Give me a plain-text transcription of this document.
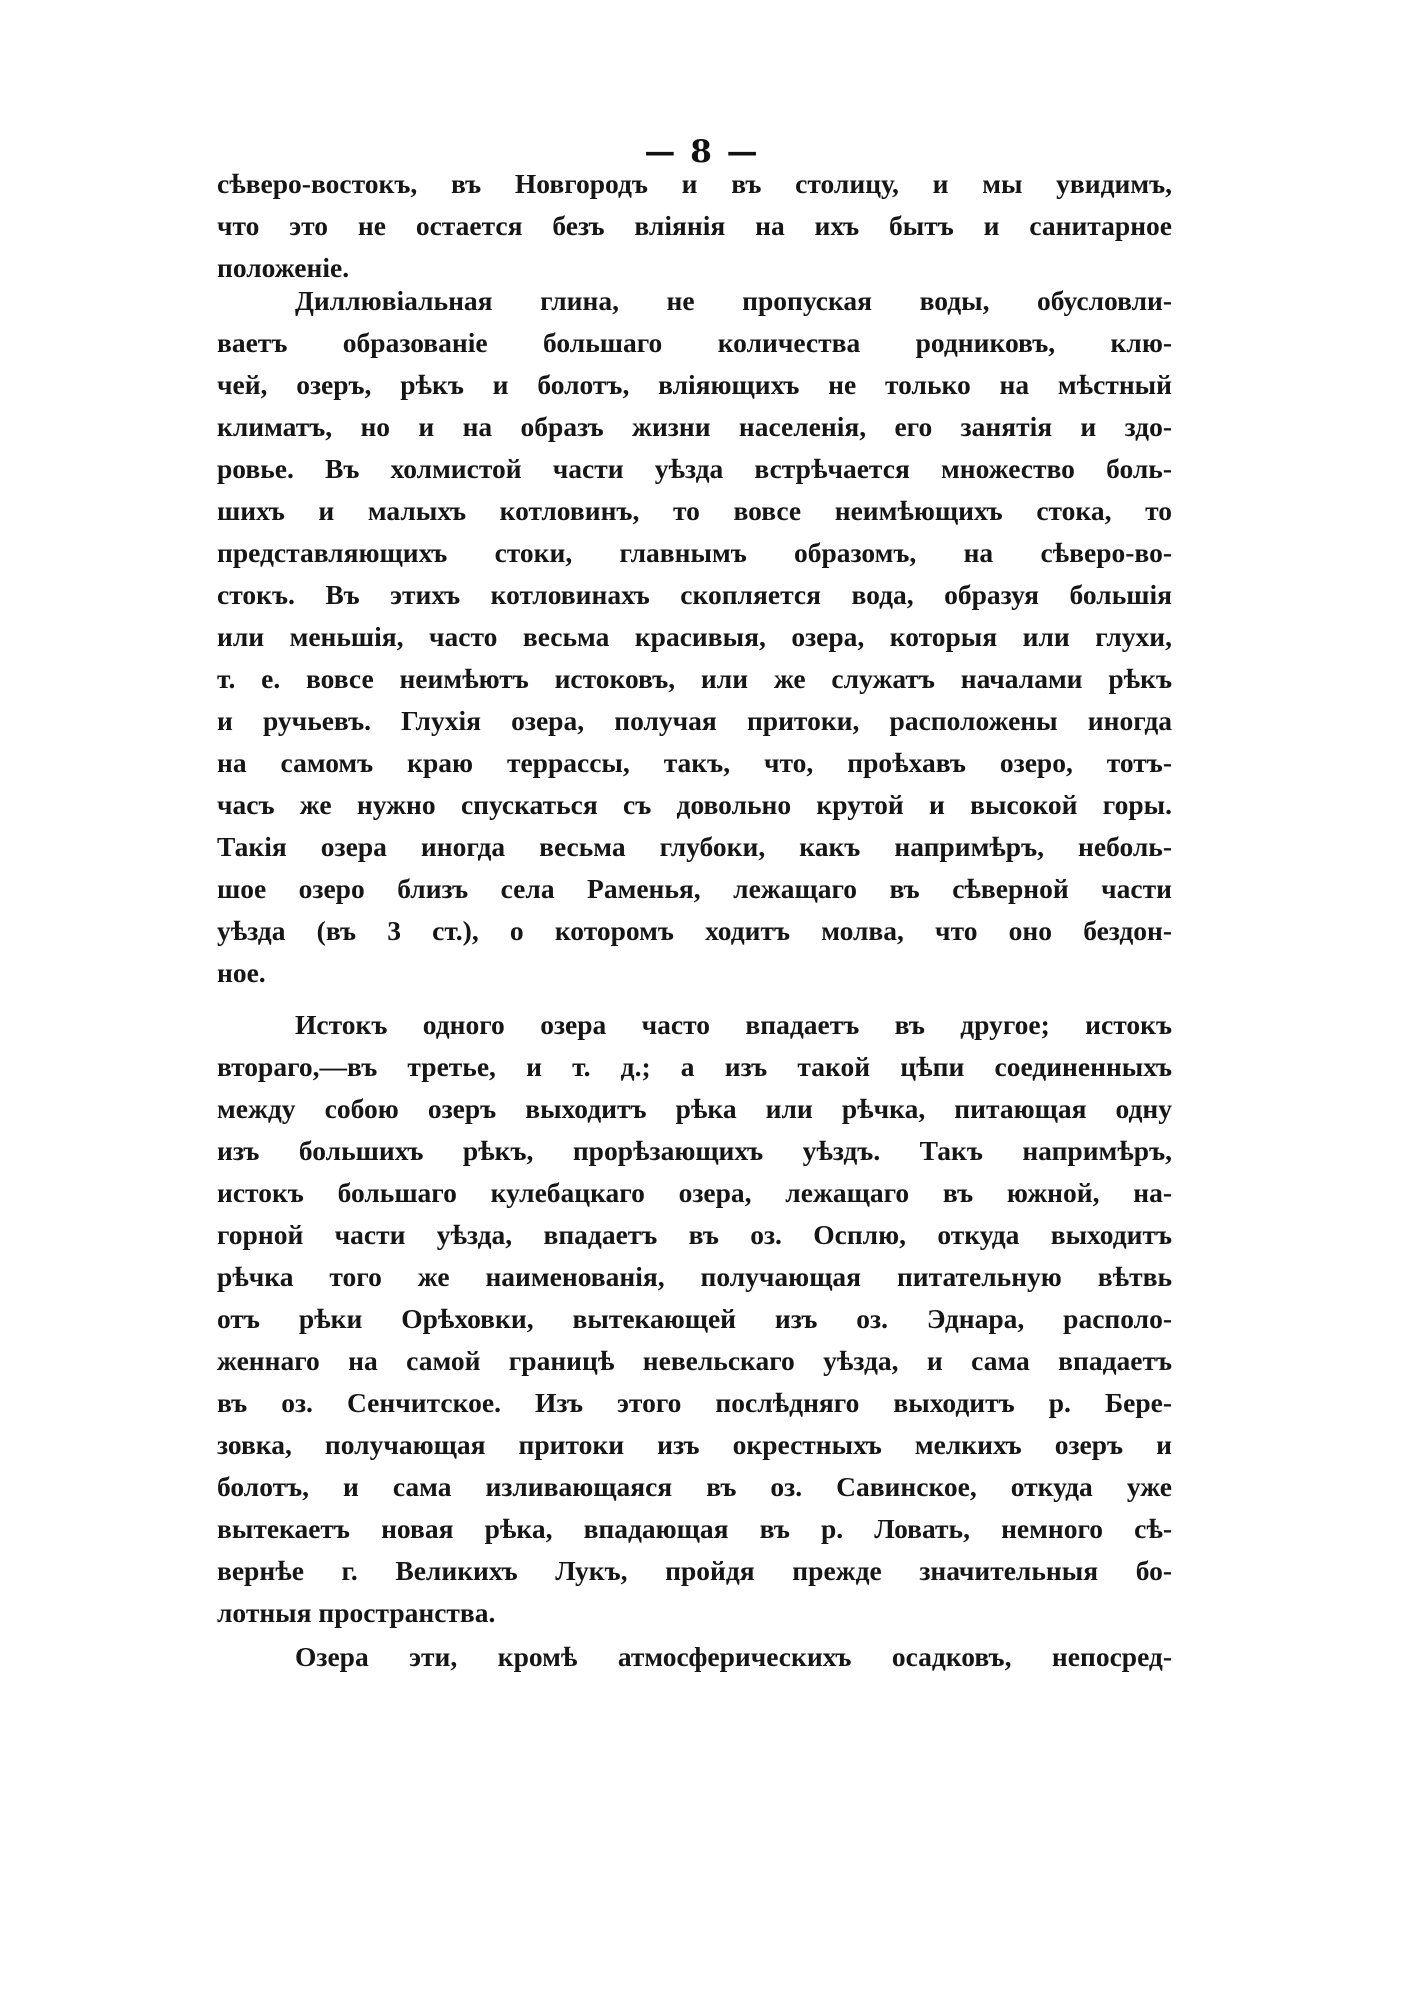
— 8 —
сѣверо-востокъ, въ Новгородъ и въ столицу, и мы увидимъ,
что это не остается безъ вліянія на ихъ бытъ и санитарное
положеніе.
Диллювіальная глина, не пропуская воды, обусловли-
ваетъ образованіе большаго количества родниковъ, клю-
чей, озеръ, рѣкъ и болотъ, вліяющихъ не только на мѣстный
климатъ, но и на образъ жизни населенія, его занятія и здо-
ровье. Въ холмистой части уѣзда встрѣчается множество боль-
шихъ и малыхъ котловинъ, то вовсе неимѣющихъ стока, то
представляющихъ стоки, главнымъ образомъ, на сѣверо-во-
стокъ. Въ этихъ котловинахъ скопляется вода, образуя большія
или меньшія, часто весьма красивыя, озера, которыя или глухи,
т. е. вовсе неимѣютъ истоковъ, или же служатъ началами рѣкъ
и ручьевъ. Глухія озера, получая притоки, расположены иногда
на самомъ краю террассы, такъ, что, проѣхавъ озеро, тотъ-
часъ же нужно спускаться съ довольно крутой и высокой горы.
Такія озера иногда весьма глубоки, какъ напримѣръ, неболь-
шое озеро близъ села Раменья, лежащаго въ сѣверной части
уѣзда (въ 3 ст.), о которомъ ходитъ молва, что оно бездон-
ное.
Истокъ одного озера часто впадаетъ въ другое; истокъ
втораго,—въ третье, и т. д.; а изъ такой цѣпи соединенныхъ
между собою озеръ выходитъ рѣка или рѣчка, питающая одну
изъ большихъ рѣкъ, прорѣзающихъ уѣздъ. Такъ напримѣръ,
истокъ большаго кулебацкаго озера, лежащаго въ южной, на-
горной части уѣзда, впадаетъ въ оз. Осплю, откуда выходитъ
рѣчка того же наименованія, получающая питательную вѣтвь
отъ рѣки Орѣховки, вытекающей изъ оз. Эднара, располо-
женнаго на самой границѣ невельскаго уѣзда, и сама впадаетъ
въ оз. Сенчитское. Изъ этого послѣдняго выходитъ р. Бере-
зовка, получающая притоки изъ окрестныхъ мелкихъ озеръ и
болотъ, и сама изливающаяся въ оз. Савинское, откуда уже
вытекаетъ новая рѣка, впадающая въ р. Ловать, немного сѣ-
вернѣе г. Великихъ Лукъ, пройдя прежде значительныя бо-
лотныя пространства.
Озера эти, кромѣ атмосферическихъ осадковъ, непосред-
